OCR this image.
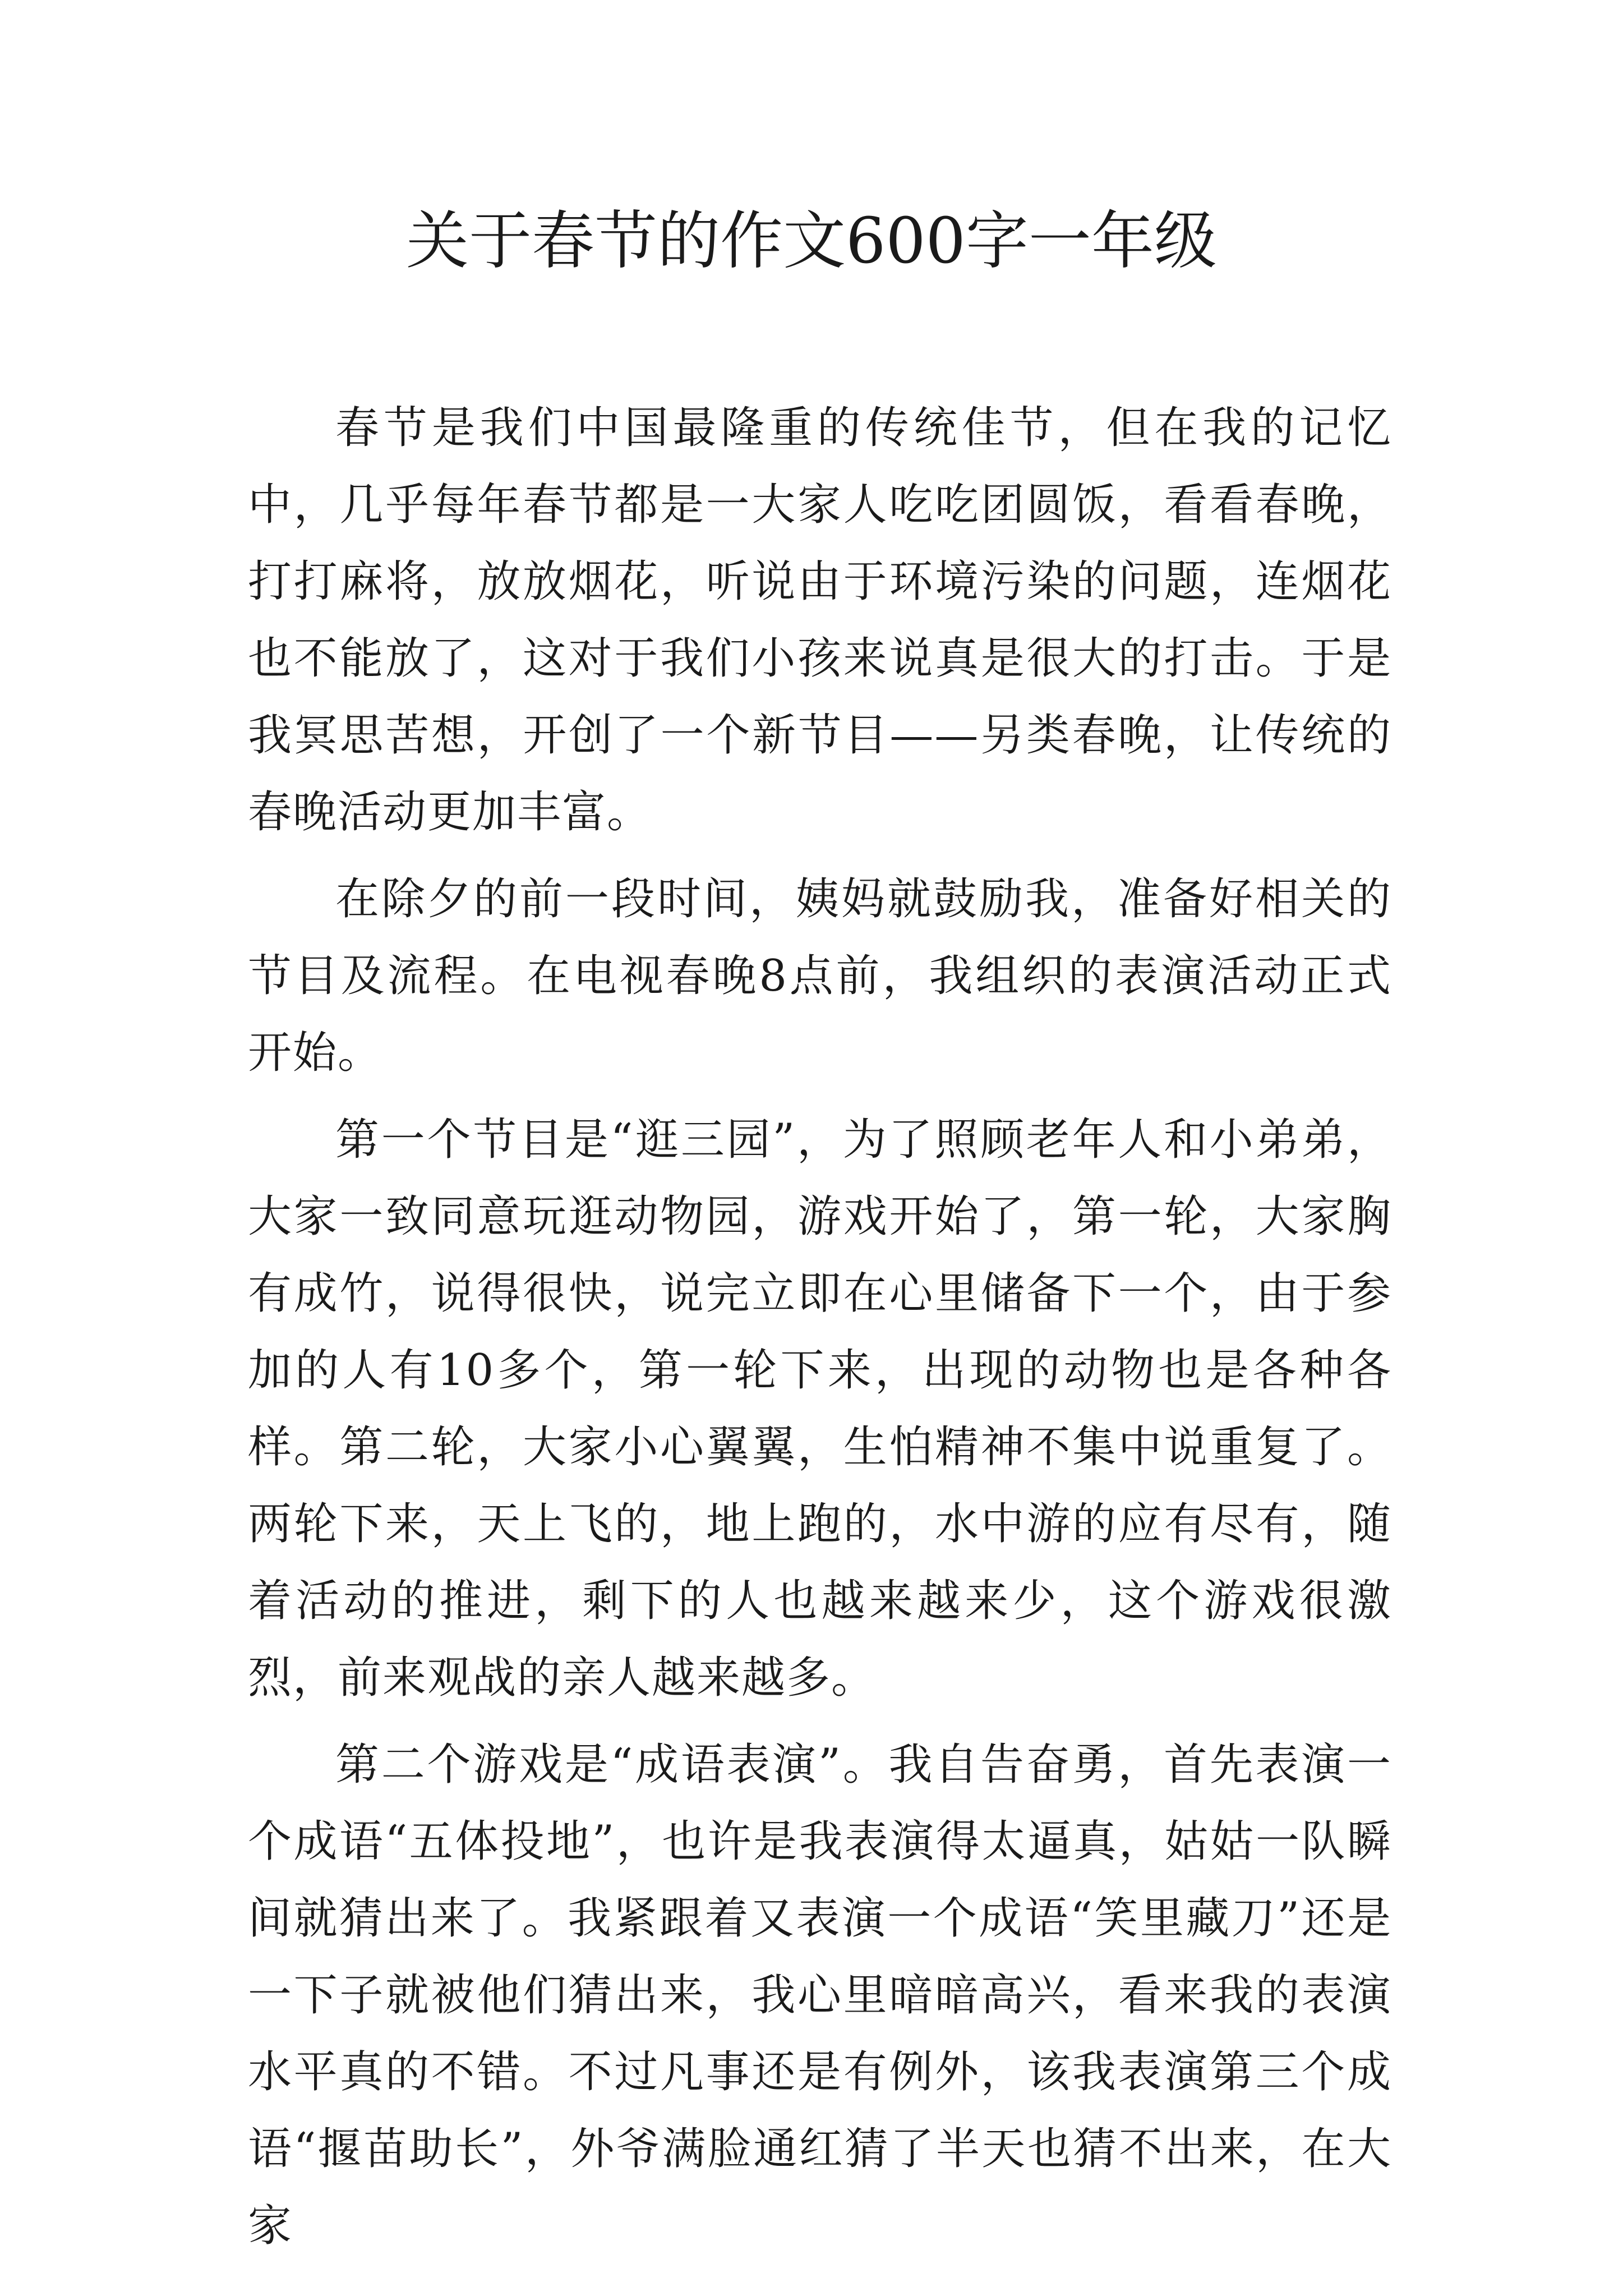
关于春节的作文600字一年级

春节是我们中国最隆重的传统佳节，但在我的记忆中，几乎每年春节都是一大家人吃吃团圆饭，看看春晚，打打麻将，放放烟花，听说由于环境污染的问题，连烟花也不能放了，这对于我们小孩来说真是很大的打击。于是我冥思苦想，开创了一个新节目——另类春晚，让传统的春晚活动更加丰富。

在除夕的前一段时间，姨妈就鼓励我，准备好相关的节目及流程。在电视春晚8点前，我组织的表演活动正式开始。

第一个节目是“逛三园”，为了照顾老年人和小弟弟，大家一致同意玩逛动物园，游戏开始了，第一轮，大家胸有成竹，说得很快，说完立即在心里储备下一个，由于参加的人有10多个，第一轮下来，出现的动物也是各种各样。第二轮，大家小心翼翼，生怕精神不集中说重复了。两轮下来，天上飞的，地上跑的，水中游的应有尽有，随着活动的推进，剩下的人也越来越来少，这个游戏很激烈，前来观战的亲人越来越多。

第二个游戏是“成语表演”。我自告奋勇，首先表演一个成语“五体投地”，也许是我表演得太逼真，姑姑一队瞬间就猜出来了。我紧跟着又表演一个成语“笑里藏刀”还是一下子就被他们猜出来，我心里暗暗高兴，看来我的表演水平真的不错。不过凡事还是有例外，该我表演第三个成语“揠苗助长”，外爷满脸通红猜了半天也猜不出来，在大家
